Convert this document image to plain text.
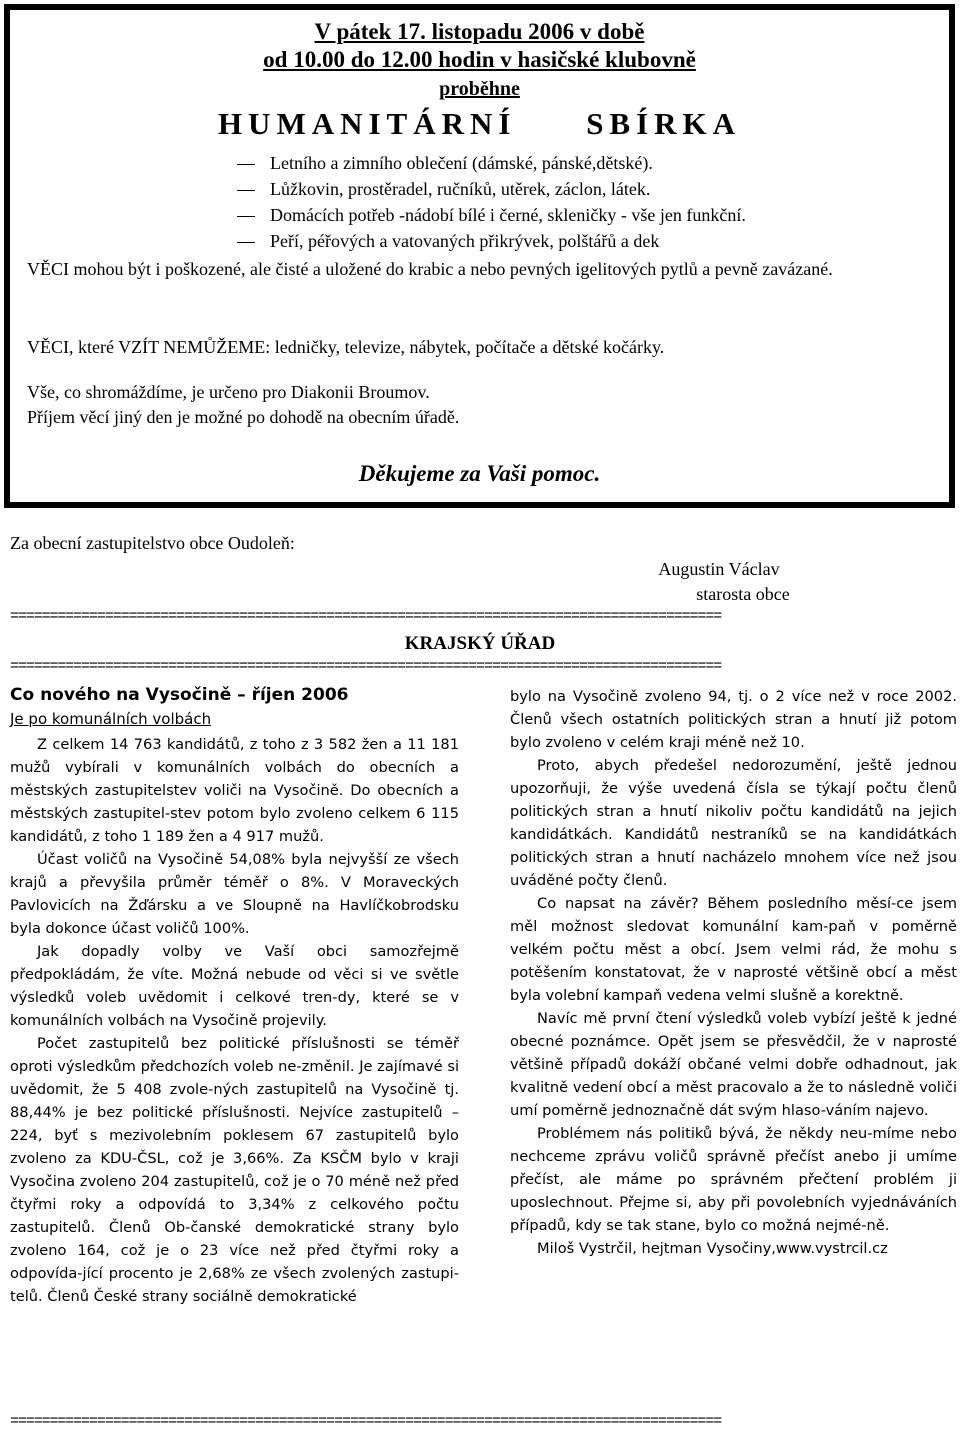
V pátek 17. listopadu 2006 v době
od 10.00 do 12.00 hodin v hasičské klubovně
proběhne
HUMANITÁRNÍ SBÍRKA
Letního a zimního oblečení (dámské, pánské,dětské).
Lůžkovin, prostěradel, ručníků, utěrek, záclon, látek.
Domácích potřeb -nádobí bílé i černé, skleničky - vše jen funkční.
Peří, péřových a vatovaných přikrývek, polštářů a dek
VĚCI mohou být i poškozené, ale čisté a uložené do krabic a nebo pevných igelitových pytlů a pevně zavázané.
VĚCI, které VZÍT NEMŮŽEME: ledničky, televize, nábytek, počítače a dětské kočárky.
Vše, co shromáždíme, je určeno pro Diakonii Broumov.
Příjem věcí jiný den je možné po dohodě na obecním úřadě.
Děkujeme za Vaši pomoc.
Za obecní zastupitelstvo obce Oudoleň:
Augustin Václav
starosta obce
==========================================================================================
KRAJSKÝ ÚŘAD
==========================================================================================
Co nového na Vysočině – říjen 2006
Je po komunálních volbách

Z celkem 14 763 kandidátů, z toho z 3 582 žen a 11 181 mužů vybírali v komunálních volbách do obecních a městských zastupitelstev voliči na Vysočině. Do obecních a městských zastupitel-stev potom bylo zvoleno celkem 6 115 kandidátů, z toho 1 189 žen a 4 917 mužů.

Účast voličů na Vysočině 54,08% byla nejvyšší ze všech krajů a převyšila průměr téměř o 8%. V Moraveckých Pavlovicích na Žďársku a ve Sloupně na Havlíčkobrodsku byla dokonce účast voličů 100%.

Jak dopadly volby ve Vaší obci samozřejmě předpokládám, že víte. Možná nebude od věci si ve světle výsledků voleb uvědomit i celkové tren-dy, které se v komunálních volbách na Vysočině projevily.

Počet zastupitelů bez politické příslušnosti se téměř oproti výsledkům předchozích voleb ne-změnil. Je zajímavé si uvědomit, že 5 408 zvole-ných zastupitelů na Vysočině tj. 88,44% je bez politické příslušnosti. Nejvíce zastupitelů – 224, byť s mezivolebním poklesem 67 zastupitelů bylo zvoleno za KDU-ČSL, což je 3,66%. Za KSČM bylo v kraji Vysočina zvoleno 204 zastupitelů, což je o 70 méně než před čtyřmi roky a odpovídá to 3,34% z celkového počtu zastupitelů. Členů Ob-čanské demokratické strany bylo zvoleno 164, což je o 23 více než před čtyřmi roky a odpovída-jící procento je 2,68% ze všech zvolených zastupi-telů. Členů České strany sociálně demokratické

bylo na Vysočině zvoleno 94, tj. o 2 více než v roce 2002. Členů všech ostatních politických stran a hnutí již potom bylo zvoleno v celém kraji méně než 10.

Proto, abych předešel nedorozumění, ještě jednou upozorňuji, že výše uvedená čísla se týkají počtu členů politických stran a hnutí nikoliv počtu kandidátů na jejich kandidátkách. Kandidátů nestraníků se na kandidátkách politických stran a hnutí nacházelo mnohem více než jsou uváděné počty členů.

Co napsat na závěr? Během posledního měsí-ce jsem měl možnost sledovat komunální kam-paň v poměrně velkém počtu měst a obcí. Jsem velmi rád, že mohu s potěšením konstatovat, že v naprosté většině obcí a měst byla volební kampaň vedena velmi slušně a korektně.

Navíc mě první čtení výsledků voleb vybízí ještě k jedné obecné poznámce. Opět jsem se přesvědčil, že v naprosté většině případů dokáží občané velmi dobře odhadnout, jak kvalitně vedení obcí a měst pracovalo a že to následně voliči umí poměrně jednoznačně dát svým hlaso-váním najevo.

Problémem nás politiků bývá, že někdy neu-míme nebo nechceme zprávu voličů správně přečíst anebo ji umíme přečíst, ale máme po správném přečtení problém ji uposlechnout. Přejme si, aby při povolebních vyjednáváních případů, kdy se tak stane, bylo co možná nejmé-ně.

Miloš Vystrčil, hejtman Vysočiny,www.vystrcil.cz

==========================================================================================
